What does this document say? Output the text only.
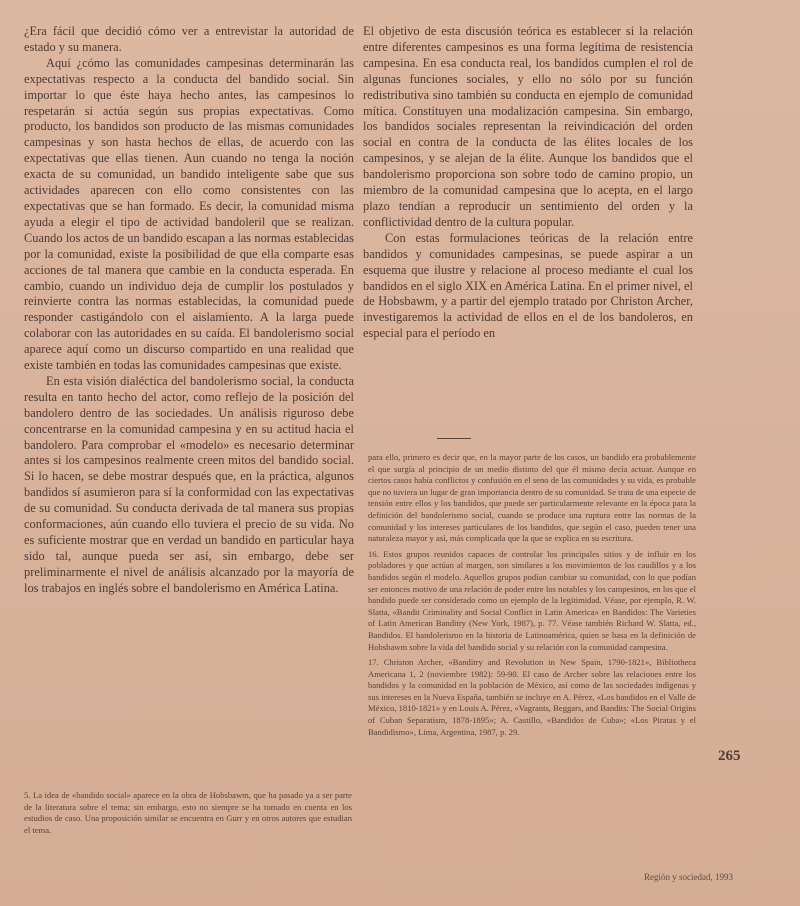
¿Era fácil que decidió cómo ver a entrevistar la autoridad de estado y su manera.

Aquí ¿cómo las comunidades campesinas determinarán las expectativas respecto a la conducta del bandido social. Sin importar lo que éste haya hecho antes, las campesinos lo respetarán si actúa según sus propias expectativas. Como producto, los bandidos son producto de las mismas comunidades campesinas y son hasta hechos de ellas, de acuerdo con las expectativas que ellas tienen. Aun cuando no tenga la noción exacta de su comunidad, un bandido inteligente sabe que sus actividades aparecen con ello como consistentes con las expectativas que se han formado. Es decir, la comunidad misma ayuda a elegir el tipo de actividad bandoleril que se realizan. Cuando los actos de un bandido escapan a las normas establecidas por la comunidad, existe la posibilidad de que ella comparte esas acciones de tal manera que cambie en la conducta esperada. En cambio, cuando un individuo deja de cumplir los postulados y reinvierte contra las normas establecidas, la comunidad puede responder castigándolo con el aislamiento. A la larga puede colaborar con las autoridades en su caída. El bandolerismo social aparece aquí como un discurso compartido en una realidad que existe también en todas las comunidades campesinas que existe.

En esta visión dialéctica del bandolerismo social, la conducta resulta en tanto hecho del actor, como reflejo de la posición del bandolero dentro de las sociedades. Un análisis riguroso debe concentrarse en la comunidad campesina y en su actitud hacia el bandolero. Para comprobar el «modelo» es necesario determinar antes si los campesinos realmente creen mitos del bandido social. Si lo hacen, se debe mostrar después que, en la práctica, algunos bandidos sí asumieron para sí la conformidad con las expectativas de su comunidad. Su conducta derivada de tal manera sus propias conformaciones, aún cuando ello tuviera el precio de su vida. No es suficiente mostrar que en verdad un bandido en particular haya sido tal, aunque pueda ser así, sin embargo, debe ser preliminarmente el nivel de análisis alcanzado por la mayoría de los trabajos en inglés sobre el bandolerismo en América Latina.

5. La idea de «bandido social» aparece en la obra de Hobsbawm, que ha pasado ya a ser parte de la literatura sobre el tema; sin embargo, esto no siempre se ha tomado en cuenta en los estudios de caso. Una proposición similar se encuentra en Gurr y en otros autores que estudian el tema.

El objetivo de esta discusión teórica es establecer si la relación entre diferentes campesinos es una forma legítima de resistencia campesina. En esa conducta real, los bandidos cumplen el rol de algunas funciones sociales, y ello no sólo por su función redistributiva sino también su conducta en ejemplo de comunidad mítica. Constituyen una modalización campesina. Sin embargo, los bandidos sociales representan la reivindicación del orden social en contra de la conducta de las élites locales de los campesinos, y se alejan de la élite. Aunque los bandidos que el bandolerismo proporciona son sobre todo de camino propio, un miembro de la comunidad campesina que lo acepta, en el largo plazo tendían a reproducir un sentimiento del orden y la conflictividad dentro de la cultura popular.

Con estas formulaciones teóricas de la relación entre bandidos y comunidades campesinas, se puede aspirar a un esquema que ilustre y relacione al proceso mediante el cual los bandidos en el siglo XIX en América Latina. En el primer nivel, el de Hobsbawm, y a partir del ejemplo tratado por Christon Archer, investigaremos la actividad de ellos en el de los bandoleros, en especial para el período en

para ello, primero es decir que, en la mayor parte de los casos, un bandido era probablemente el que surgía al principio de un medio distinto del que él mismo decía actuar. Aunque en ciertos casos había conflictos y confusión en el seno de las comunidades y su vida, es probable que no tuviera un lugar de gran importancia dentro de su comunidad. Se trata de una especie de tensión entre ellos y los bandidos, que puede ser particularmente relevante en la época para la definición del bandolerismo social, cuando se produce una ruptura entre las normas de la comunidad y los intereses particulares de los bandidos, que según el caso, pueden tener una naturaleza mayor y así, más complicada que la que se explica en su escritura.

16. Estos grupos reunidos capaces de controlar los principales sitios y de influir en los pobladores y que actúan al margen, son similares a los movimientos de los caudillos y a los bandidos según el modelo. Aquellos grupos podían cambiar su comunidad, con lo que podían ser entonces motivo de una relación de poder entre los notables y los campesinos, en los que el bandido puede ser considerado como un ejemplo de la legitimidad. Véase, por ejemplo, R. W. Slatta, «Bandit Criminality and Social Conflict in Latin America» en Bandidos: The Varieties of Latin American Banditry (New York, 1987), p. 77. Véase también Richard W. Slatta, ed., Bandidos. El bandolerismo en la historia de Latinoamérica, quien se basa en la definición de Hobsbawm sobre la vida del bandido social y su relación con la comunidad campesina.

17. Christon Archer, «Banditry and Revolution in New Spain, 1790-1821», Bibliotheca Americana 1, 2 (noviembre 1982): 59-90. El caso de Archer sobre las relaciones entre los bandidos y la comunidad en la población de México, así como de las sociedades indígenas y sus intereses en la Nueva España, también se incluye en A. Pérez, «Los bandidos en el Valle de México, 1810-1821» y en Louis A. Pérez, «Vagrants, Beggars, and Bandits: The Social Origins of Cuban Separatism, 1878-1895»; A. Castillo, «Bandidos de Cuba»; «Los Piratas y el Bandidismo», Lima, Argentina, 1987, p. 29.

265
Región y sociedad, 1993
